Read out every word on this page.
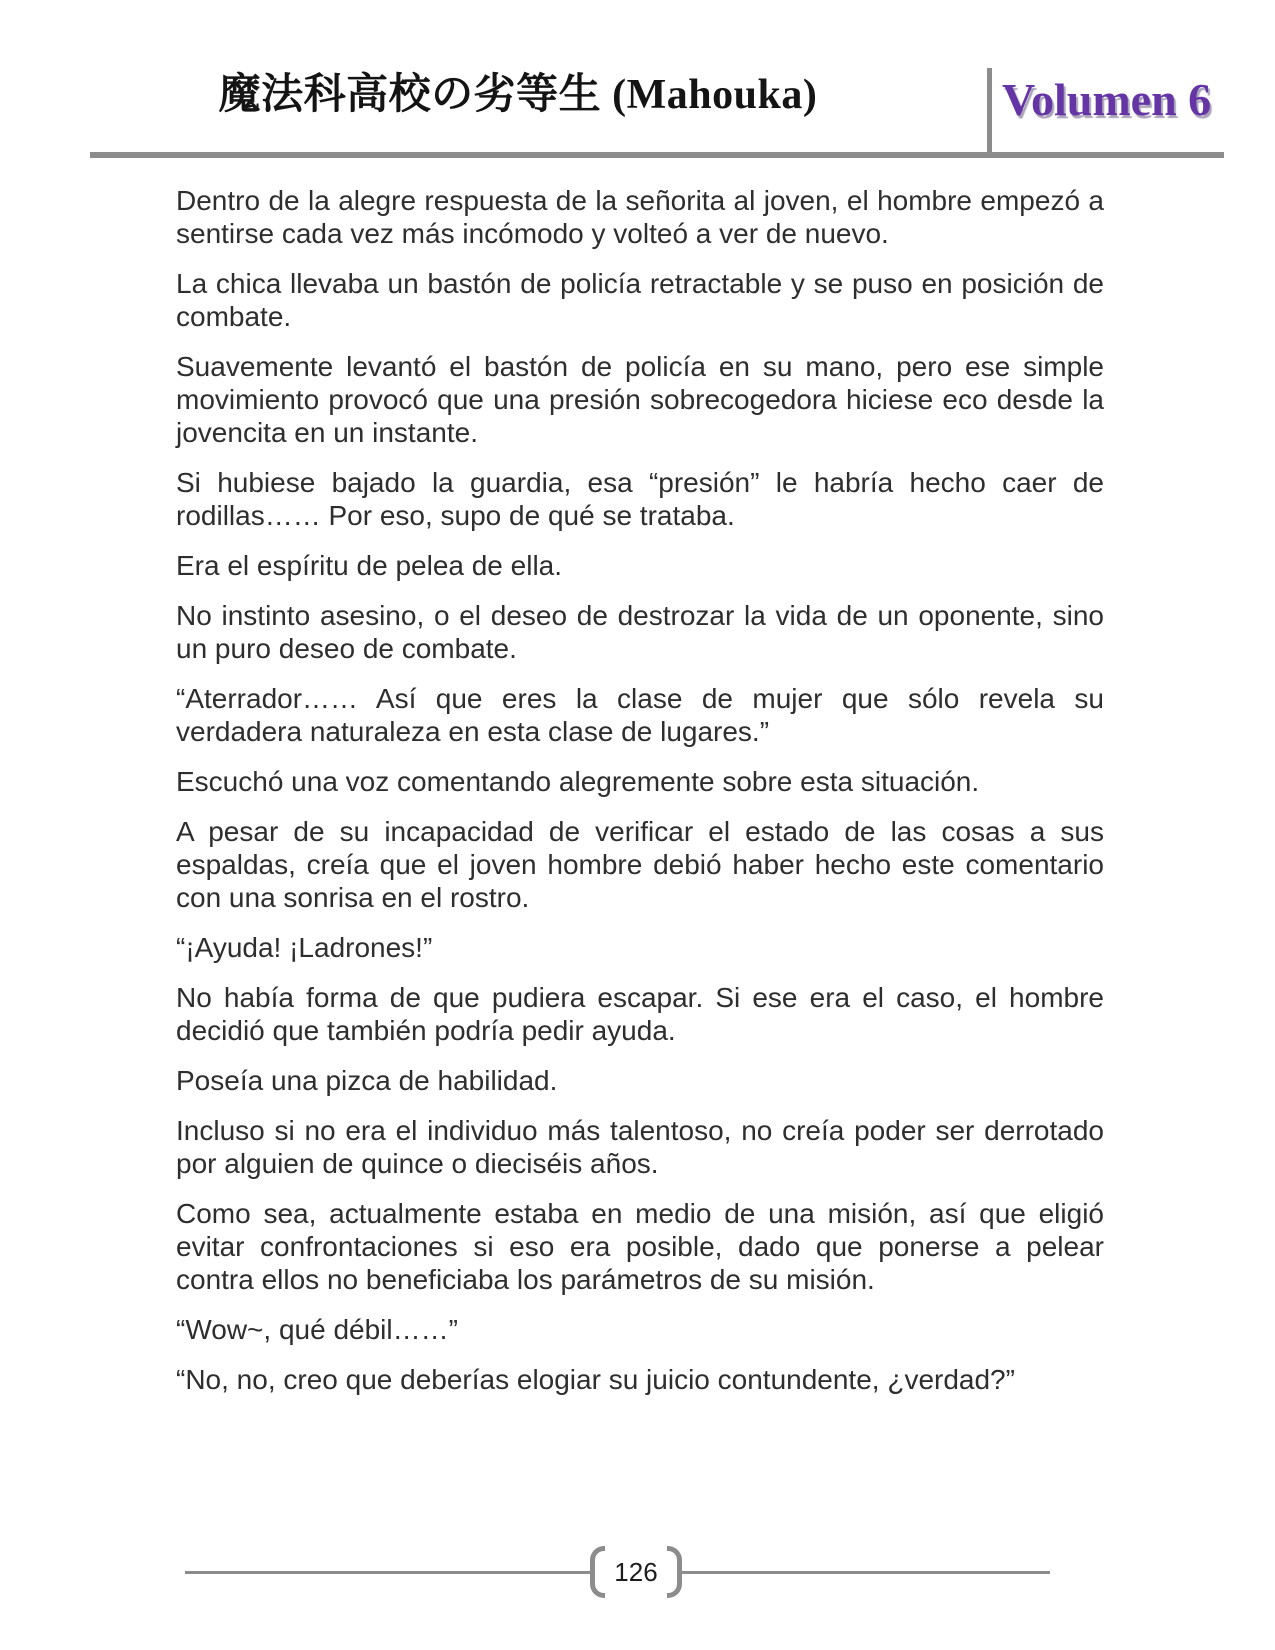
魔法科高校の劣等生 (Mahouka)	Volumen 6

Dentro de la alegre respuesta de la señorita al joven, el hombre empezó a sentirse cada vez más incómodo y volteó a ver de nuevo.

La chica llevaba un bastón de policía retractable y se puso en posición de combate.

Suavemente levantó el bastón de policía en su mano, pero ese simple movimiento provocó que una presión sobrecogedora hiciese eco desde la jovencita en un instante.

Si hubiese bajado la guardia, esa “presión” le habría hecho caer de rodillas…… Por eso, supo de qué se trataba.

Era el espíritu de pelea de ella.

No instinto asesino, o el deseo de destrozar la vida de un oponente, sino un puro deseo de combate.

“Aterrador…… Así que eres la clase de mujer que sólo revela su verdadera naturaleza en esta clase de lugares.”

Escuchó una voz comentando alegremente sobre esta situación.

A pesar de su incapacidad de verificar el estado de las cosas a sus espaldas, creía que el joven hombre debió haber hecho este comentario con una sonrisa en el rostro.

“¡Ayuda! ¡Ladrones!”

No había forma de que pudiera escapar. Si ese era el caso, el hombre decidió que también podría pedir ayuda.

Poseía una pizca de habilidad.

Incluso si no era el individuo más talentoso, no creía poder ser derrotado por alguien de quince o dieciséis años.

Como sea, actualmente estaba en medio de una misión, así que eligió evitar confrontaciones si eso era posible, dado que ponerse a pelear contra ellos no beneficiaba los parámetros de su misión.

“Wow~, qué débil……”

“No, no, creo que deberías elogiar su juicio contundente, ¿verdad?”

126
